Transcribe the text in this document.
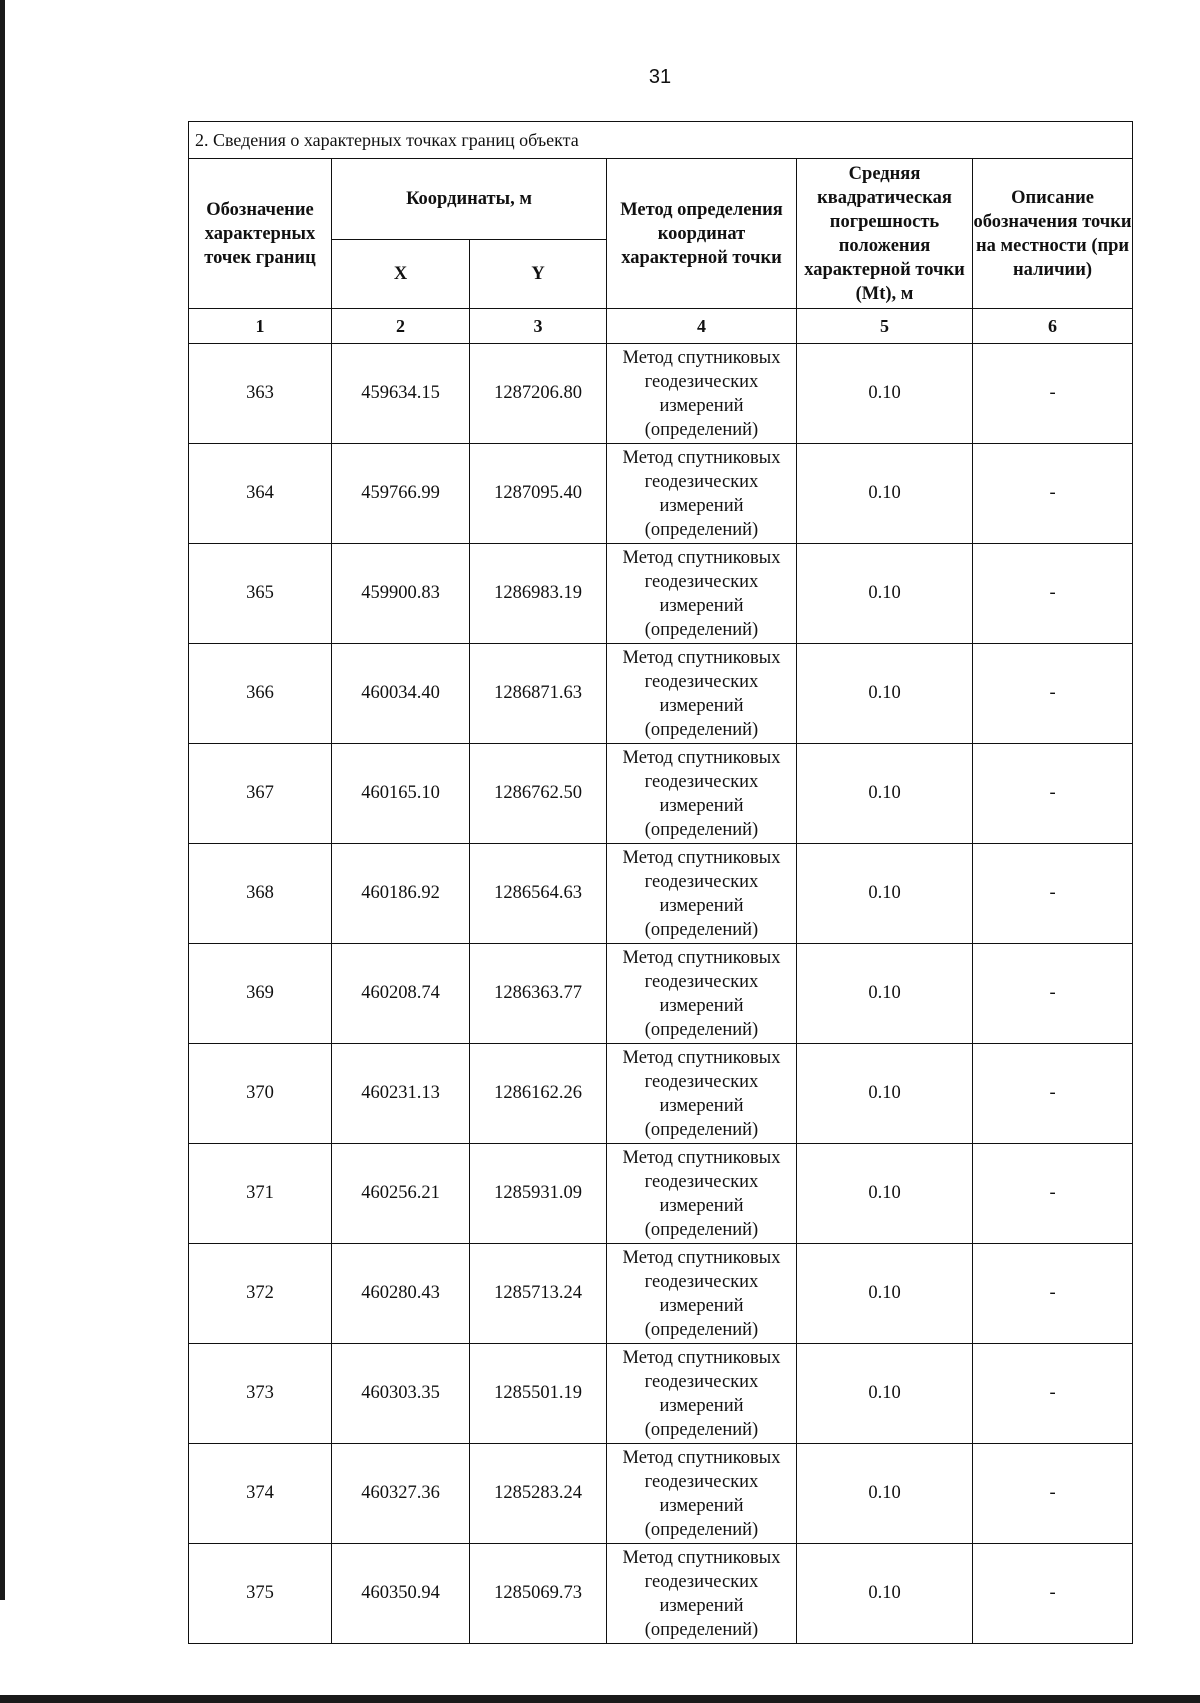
31
2. Сведения о характерных точках границ объекта					
Обозначение характерных точек границ	Координаты, м		Метод определения координат характерной точки	Средняя квадратическая погрешность положения характерной точки (Mt), м	Описание обозначения точки на местности (при наличии)
	X	Y			
1	2	3	4	5	6
363	459634.15	1287206.80	Метод спутниковых геодезических измерений (определений)	0.10	-
364	459766.99	1287095.40	Метод спутниковых геодезических измерений (определений)	0.10	-
365	459900.83	1286983.19	Метод спутниковых геодезических измерений (определений)	0.10	-
366	460034.40	1286871.63	Метод спутниковых геодезических измерений (определений)	0.10	-
367	460165.10	1286762.50	Метод спутниковых геодезических измерений (определений)	0.10	-
368	460186.92	1286564.63	Метод спутниковых геодезических измерений (определений)	0.10	-
369	460208.74	1286363.77	Метод спутниковых геодезических измерений (определений)	0.10	-
370	460231.13	1286162.26	Метод спутниковых геодезических измерений (определений)	0.10	-
371	460256.21	1285931.09	Метод спутниковых геодезических измерений (определений)	0.10	-
372	460280.43	1285713.24	Метод спутниковых геодезических измерений (определений)	0.10	-
373	460303.35	1285501.19	Метод спутниковых геодезических измерений (определений)	0.10	-
374	460327.36	1285283.24	Метод спутниковых геодезических измерений (определений)	0.10	-
375	460350.94	1285069.73	Метод спутниковых геодезических измерений (определений)	0.10	-
